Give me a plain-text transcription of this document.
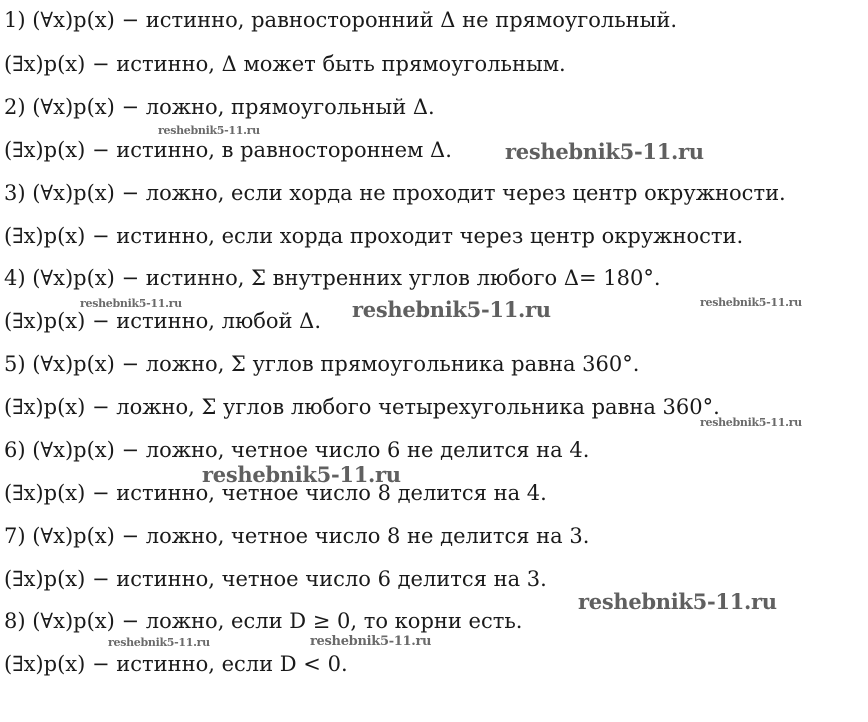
1) (∀x)p(x) − истинно, равносторонний Δ не прямоугольный.
(∃x)p(x) − истинно, Δ может быть прямоугольным.
2) (∀x)p(x) − ложно, прямоугольный Δ.
(∃x)p(x) − истинно, в равностороннем Δ.
3) (∀x)p(x) − ложно, если хорда не проходит через центр окружности.
(∃x)p(x) − истинно, если хорда проходит через центр окружности.
4) (∀x)p(x) − истинно, Σ внутренних углов любого Δ= 180°.
(∃x)p(x) − истинно, любой Δ.
5) (∀x)p(x) − ложно, Σ углов прямоугольника равна 360°.
(∃x)p(x) − ложно, Σ углов любого четырехугольника равна 360°.
6) (∀x)p(x) − ложно, четное число 6 не делится на 4.
(∃x)p(x) − истинно, четное число 8 делится на 4.
7) (∀x)p(x) − ложно, четное число 8 не делится на 3.
(∃x)p(x) − истинно, четное число 6 делится на 3.
8) (∀x)p(x) − ложно, если D ≥ 0, то корни есть.
(∃x)p(x) − истинно, если D < 0.
reshebnik5-11.ru
reshebnik5-11.ru
reshebnik5-11.ru	reshebnik5-11.ru	reshebnik5-11.ru
reshebnik5-11.ru
reshebnik5-11.ru
reshebnik5-11.ru
reshebnik5-11.ru	reshebnik5-11.ru
